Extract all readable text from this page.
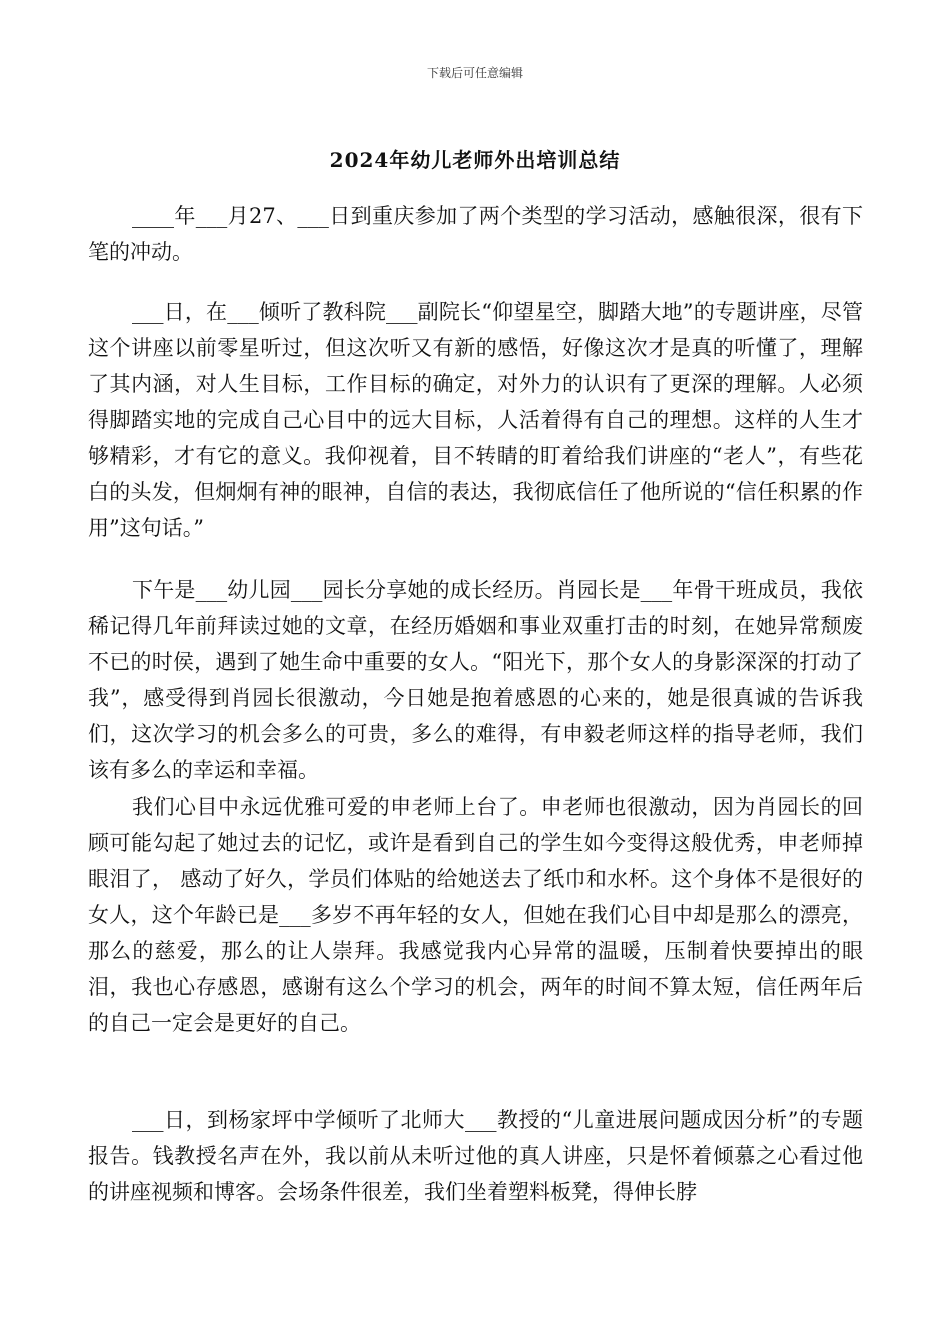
下载后可任意编辑
2024年幼儿老师外出培训总结

____年___月27、___日到重庆参加了两个类型的学习活动，感触很深，很有下笔的冲动。

___日，在___倾听了教科院___副院长“仰望星空，脚踏大地”的专题讲座，尽管这个讲座以前零星听过，但这次听又有新的感悟，好像这次才是真的听懂了，理解了其内涵，对人生目标，工作目标的确定，对外力的认识有了更深的理解。人必须得脚踏实地的完成自己心目中的远大目标，人活着得有自己的理想。这样的人生才够精彩，才有它的意义。我仰视着，目不转睛的盯着给我们讲座的“老人”，有些花白的头发，但炯炯有神的眼神，自信的表达，我彻底信任了他所说的“信任积累的作用”这句话。”

下午是___幼儿园___园长分享她的成长经历。肖园长是___年骨干班成员，我依稀记得几年前拜读过她的文章，在经历婚姻和事业双重打击的时刻，在她异常颓废不已的时侯，遇到了她生命中重要的女人。“阳光下，那个女人的身影深深的打动了我”，感受得到肖园长很激动，今日她是抱着感恩的心来的，她是很真诚的告诉我们，这次学习的机会多么的可贵，多么的难得，有申毅老师这样的指导老师，我们该有多么的幸运和幸福。

我们心目中永远优雅可爱的申老师上台了。申老师也很激动，因为肖园长的回顾可能勾起了她过去的记忆，或许是看到自己的学生如今变得这般优秀，申老师掉眼泪了， 感动了好久，学员们体贴的给她送去了纸巾和水杯。这个身体不是很好的女人，这个年龄已是___多岁不再年轻的女人，但她在我们心目中却是那么的漂亮，那么的慈爱，那么的让人崇拜。我感觉我内心异常的温暖，压制着快要掉出的眼泪，我也心存感恩，感谢有这么个学习的机会，两年的时间不算太短，信任两年后的自己一定会是更好的自己。

___日，到杨家坪中学倾听了北师大___教授的“儿童进展问题成因分析”的专题报告。钱教授名声在外，我以前从未听过他的真人讲座，只是怀着倾慕之心看过他的讲座视频和博客。会场条件很差，我们坐着塑料板凳，得伸长脖
